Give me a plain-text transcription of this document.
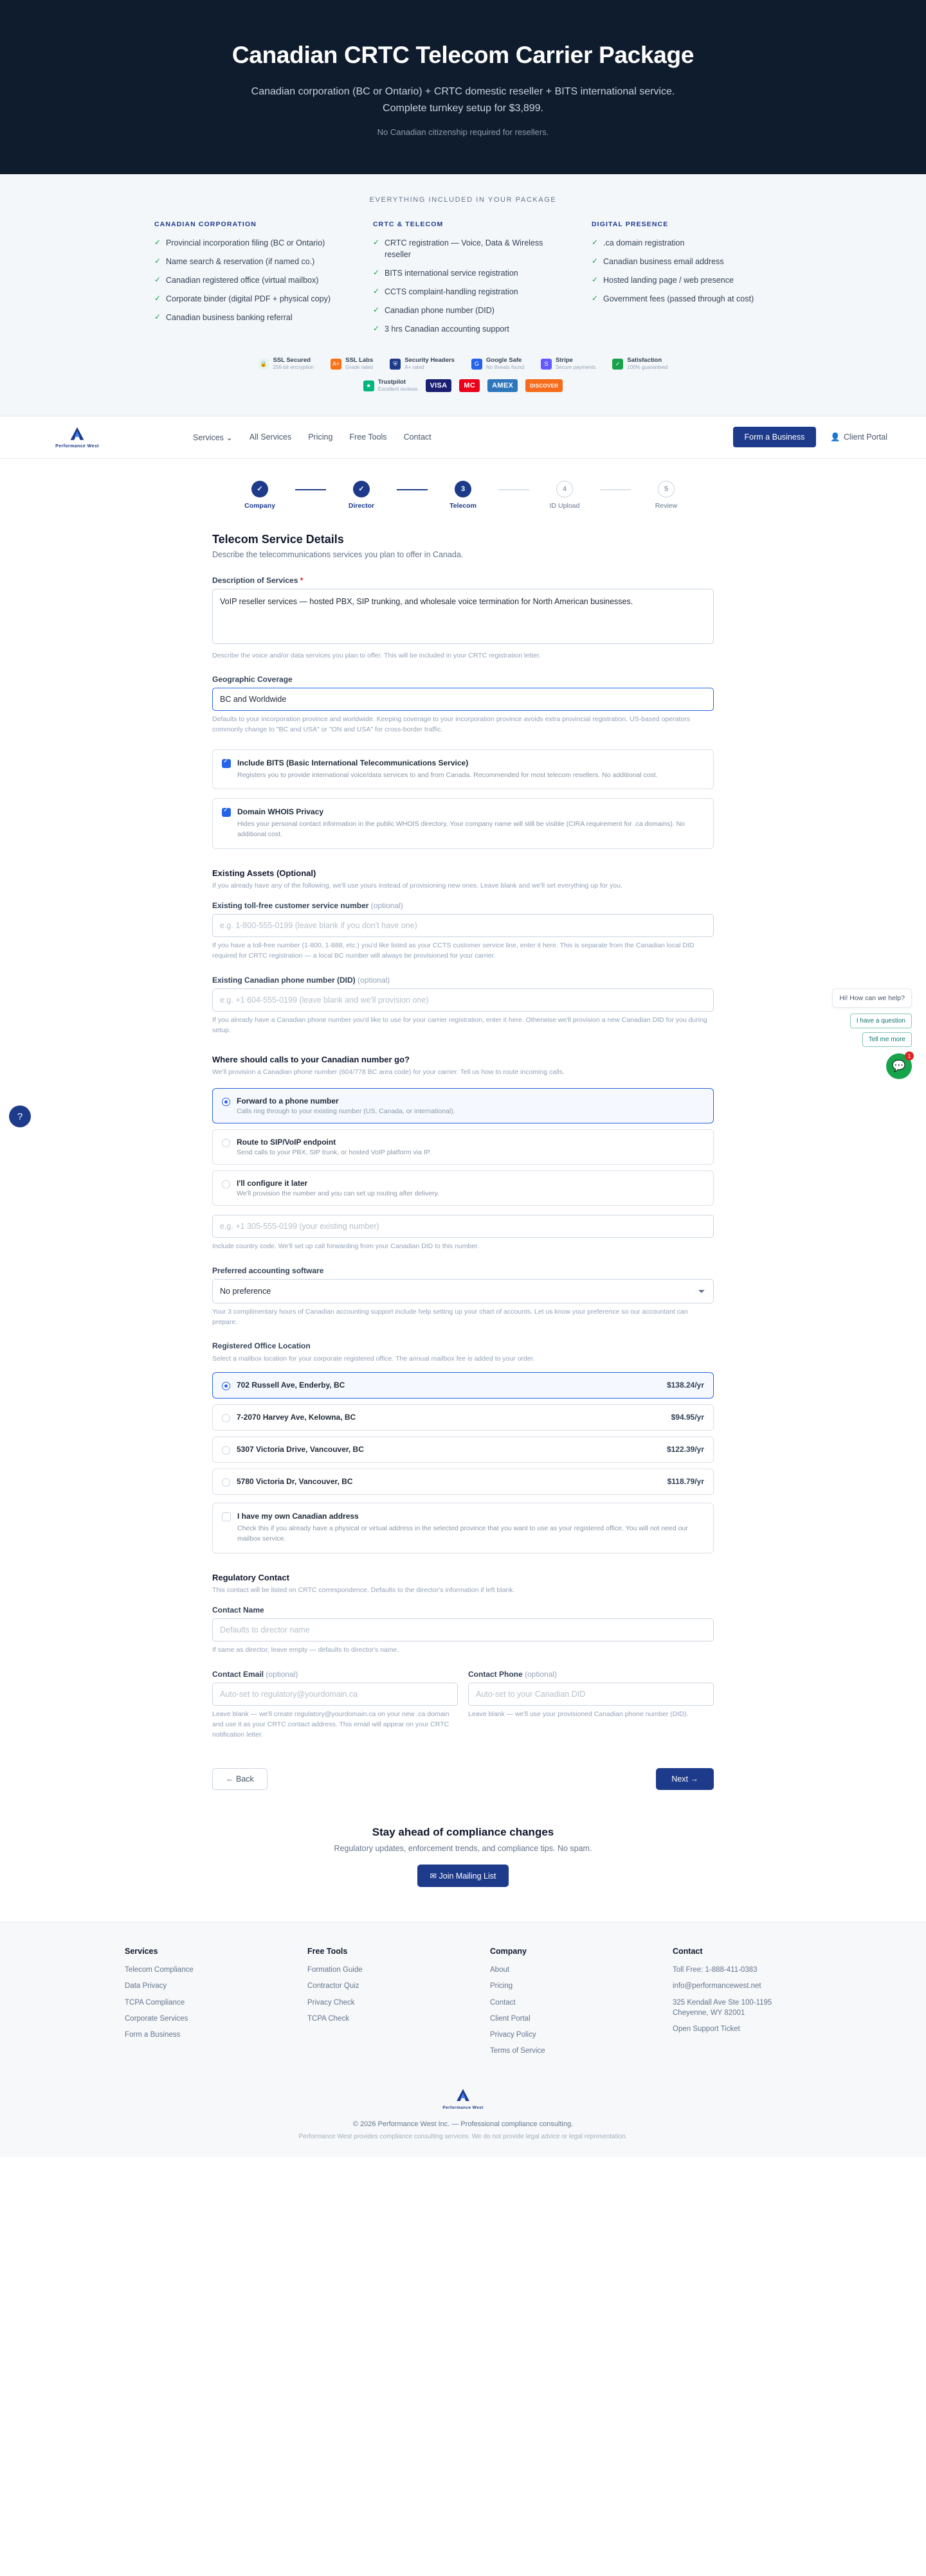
Canadian CRTC Telecom Carrier Package

Canadian corporation (BC or Ontario) + CRTC domestic reseller + BITS international service. Complete turnkey setup for $3,899.

No Canadian citizenship required for resellers.

EVERYTHING INCLUDED IN YOUR PACKAGE
CANADIAN CORPORATION
✓ Provincial incorporation filing (BC or Ontario)
✓ Name search & reservation (if named co.)
✓ Canadian registered office (virtual mailbox)
✓ Corporate binder (digital PDF + physical copy)
✓ Canadian business banking referral
CRTC & TELECOM
✓ CRTC registration — Voice, Data & Wireless reseller
✓ BITS international service registration
✓ CCTS complaint-handling registration
✓ Canadian phone number (DID)
✓ 3 hrs Canadian accounting support
DIGITAL PRESENCE
✓ .ca domain registration
✓ Canadian business email address
✓ Hosted landing page / web presence
✓ Government fees (passed through at cost)
🔒 SSL Secured
256-bit encryption
A+
SSL Labs
Grade rated
⛨	Security Headers
A+ rated
G
Google Safe
No threats found
S
Stripe
Secure payments
✓	Satisfaction
100% guaranteed
★	Trustpilot
Excellent reviews	VISA	MC	AMEX	DISCOVER
Performance West
Services ⌄ All Services Pricing Free Tools Contact	Form a Business	👤 Client Portal
✓
Company
✓
Director
3
Telecom
4
ID Upload
5
Review
Telecom Service Details

Describe the telecommunications services you plan to offer in Canada.

Description of Services *
VoIP reseller services — hosted PBX, SIP trunking, and wholesale voice termination for North American businesses.
Describe the voice and/or data services you plan to offer. This will be included in your CRTC registration letter.
Geographic Coverage
BC and Worldwide
Defaults to your incorporation province and worldwide. Keeping coverage to your incorporation province avoids extra provincial registration. US-based operators commonly change to "BC and USA" or "ON and USA" for cross-border traffic.
✓
Include BITS (Basic International Telecommunications Service)
Registers you to provide international voice/data services to and from Canada. Recommended for most telecom resellers. No additional cost.
✓
Domain WHOIS Privacy
Hides your personal contact information in the public WHOIS directory. Your company name will still be visible (CIRA requirement for .ca domains). No additional cost.
Existing Assets (Optional)
If you already have any of the following, we'll use yours instead of provisioning new ones. Leave blank and we'll set everything up for you.
Existing toll-free customer service number (optional)
e.g. 1-800-555-0199 (leave blank if you don't have one)
If you have a toll-free number (1-800, 1-888, etc.) you'd like listed as your CCTS customer service line, enter it here. This is separate from the Canadian local DID required for CRTC registration — a local BC number will always be provisioned for your carrier.
Existing Canadian phone number (DID) (optional)
e.g. +1 604-555-0199 (leave blank and we'll provision one)
If you already have a Canadian phone number you'd like to use for your carrier registration, enter it here. Otherwise we'll provision a new Canadian DID for you during setup.
Where should calls to your Canadian number go?
We'll provision a Canadian phone number (604/778 BC area code) for your carrier. Tell us how to route incoming calls.
Forward to a phone number
Calls ring through to your existing number (US, Canada, or international).
Route to SIP/VoIP endpoint
Send calls to your PBX, SIP trunk, or hosted VoIP platform via IP.
I'll configure it later
We'll provision the number and you can set up routing after delivery.
e.g. +1 305-555-0199 (your existing number)
Include country code. We'll set up call forwarding from your Canadian DID to this number.
Preferred accounting software
No preference
Your 3 complimentary hours of Canadian accounting support include help setting up your chart of accounts. Let us know your preference so our accountant can prepare.
Registered Office Location
Select a mailbox location for your corporate registered office. The annual mailbox fee is added to your order.
702 Russell Ave, Enderby, BC	$138.24/yr
7-2070 Harvey Ave, Kelowna, BC	$94.95/yr
5307 Victoria Drive, Vancouver, BC	$122.39/yr
5780 Victoria Dr, Vancouver, BC	$118.79/yr
I have my own Canadian address
Check this if you already have a physical or virtual address in the selected province that you want to use as your registered office. You will not need our mailbox service.
Regulatory Contact
This contact will be listed on CRTC correspondence. Defaults to the director's information if left blank.
Contact Name
Defaults to director name
If same as director, leave empty — defaults to director's name.
Contact Email (optional)
Auto-set to regulatory@yourdomain.ca
Leave blank — we'll create regulatory@yourdomain.ca on your new .ca domain and use it as your CRTC contact address. This email will appear on your CRTC notification letter.
Contact Phone (optional)
Auto-set to your Canadian DID
Leave blank — we'll use your provisioned Canadian phone number (DID).
← Back	Next →
Stay ahead of compliance changes

Regulatory updates, enforcement trends, and compliance tips. No spam.

✉ Join Mailing List
Services
Telecom Compliance
Data Privacy
TCPA Compliance
Corporate Services
Form a Business
Free Tools
Formation Guide
Contractor Quiz
Privacy Check
TCPA Check
Company
About
Pricing
Contact
Client Portal
Privacy Policy
Terms of Service
Contact
Toll Free: 1-888-411-0383
info@performancewest.net
325 Kendall Ave Ste 100-1195 Cheyenne, WY 82001
Open Support Ticket
Performance West
© 2026 Performance West Inc. — Professional compliance consulting.
Performance West provides compliance consulting services. We do not provide legal advice or legal representation.
Hi! How can we help?
I have a question
Tell me more
💬
1
?
